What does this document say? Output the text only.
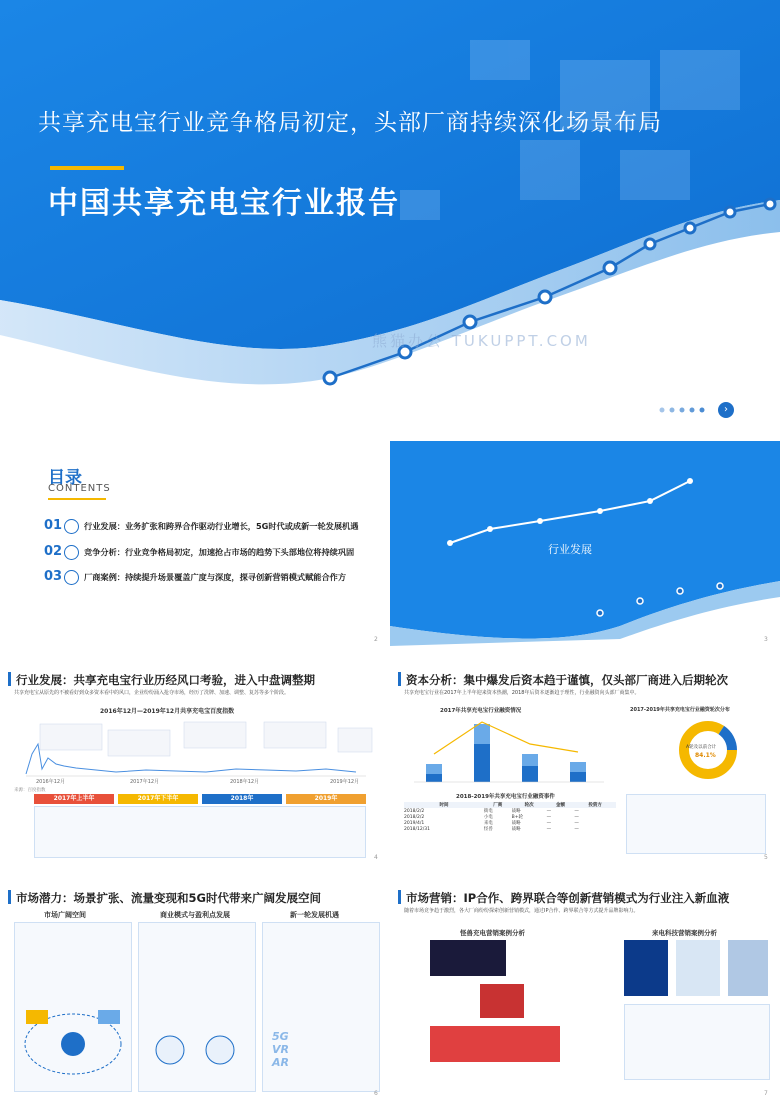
›
共享充电宝行业竞争格局初定，头部厂商持续深化场景布局
中国共享充电宝行业报告
熊猫办公 TUKUPPT.COM
目录
CONTENTS
01	行业发展：业务扩张和跨界合作驱动行业增长，5G时代或成新一轮发展机遇
02	竞争分析：行业竞争格局初定，加速抢占市场的趋势下头部地位将持续巩固
03	厂商案例：持续提升场景覆盖广度与深度，探寻创新营销模式赋能合作方
2
行业发展
3
行业发展：共享充电宝行业历经风口考验，进入中盘调整期
共享充电宝从原先的不被看好到众多资本看中的风口，企业纷纷涌入抢夺市场，经历了洗牌、加速、调整、复苏等多个阶段。
2016年12月—2019年12月共享充电宝百度指数
2016年12月	2017年12月	2018年12月	2019年12月
来源：百度指数
2017年上半年	2017年下半年	2018年	2019年
4
资本分析：集中爆发后资本趋于谨慎，仅头部厂商进入后期轮次
共享充电宝行业在2017年上半年迎来资本热潮，2018年后资本逐渐趋于理性，行业融资向头部厂商集中。
2017年共享充电宝行业融资情况	2017-2019年共享充电宝行业融资轮次分布
A轮及以前合计
84.1%
2018-2019年共享充电宝行业融资事件
时间	厂商	轮次	金额	投资方
2018/2/2	街电	战略	—	—
2018/2/2	小电	B+轮	—	—
2019/4/1	来电	战略	—	—
2018/12/31	怪兽	战略	—	—
5
市场潜力：场景扩张、流量变现和5G时代带来广阔发展空间
市场广阔空间	商业模式与盈利点发展	新一轮发展机遇
5G
VR
AR
6
市场营销：IP合作、跨界联合等创新营销模式为行业注入新血液
随着市场竞争趋于激烈，各大厂商纷纷探索创新营销模式，通过IP合作、跨界联合等方式提升品牌影响力。
怪兽充电营销案例分析	来电科技营销案例分析
7
